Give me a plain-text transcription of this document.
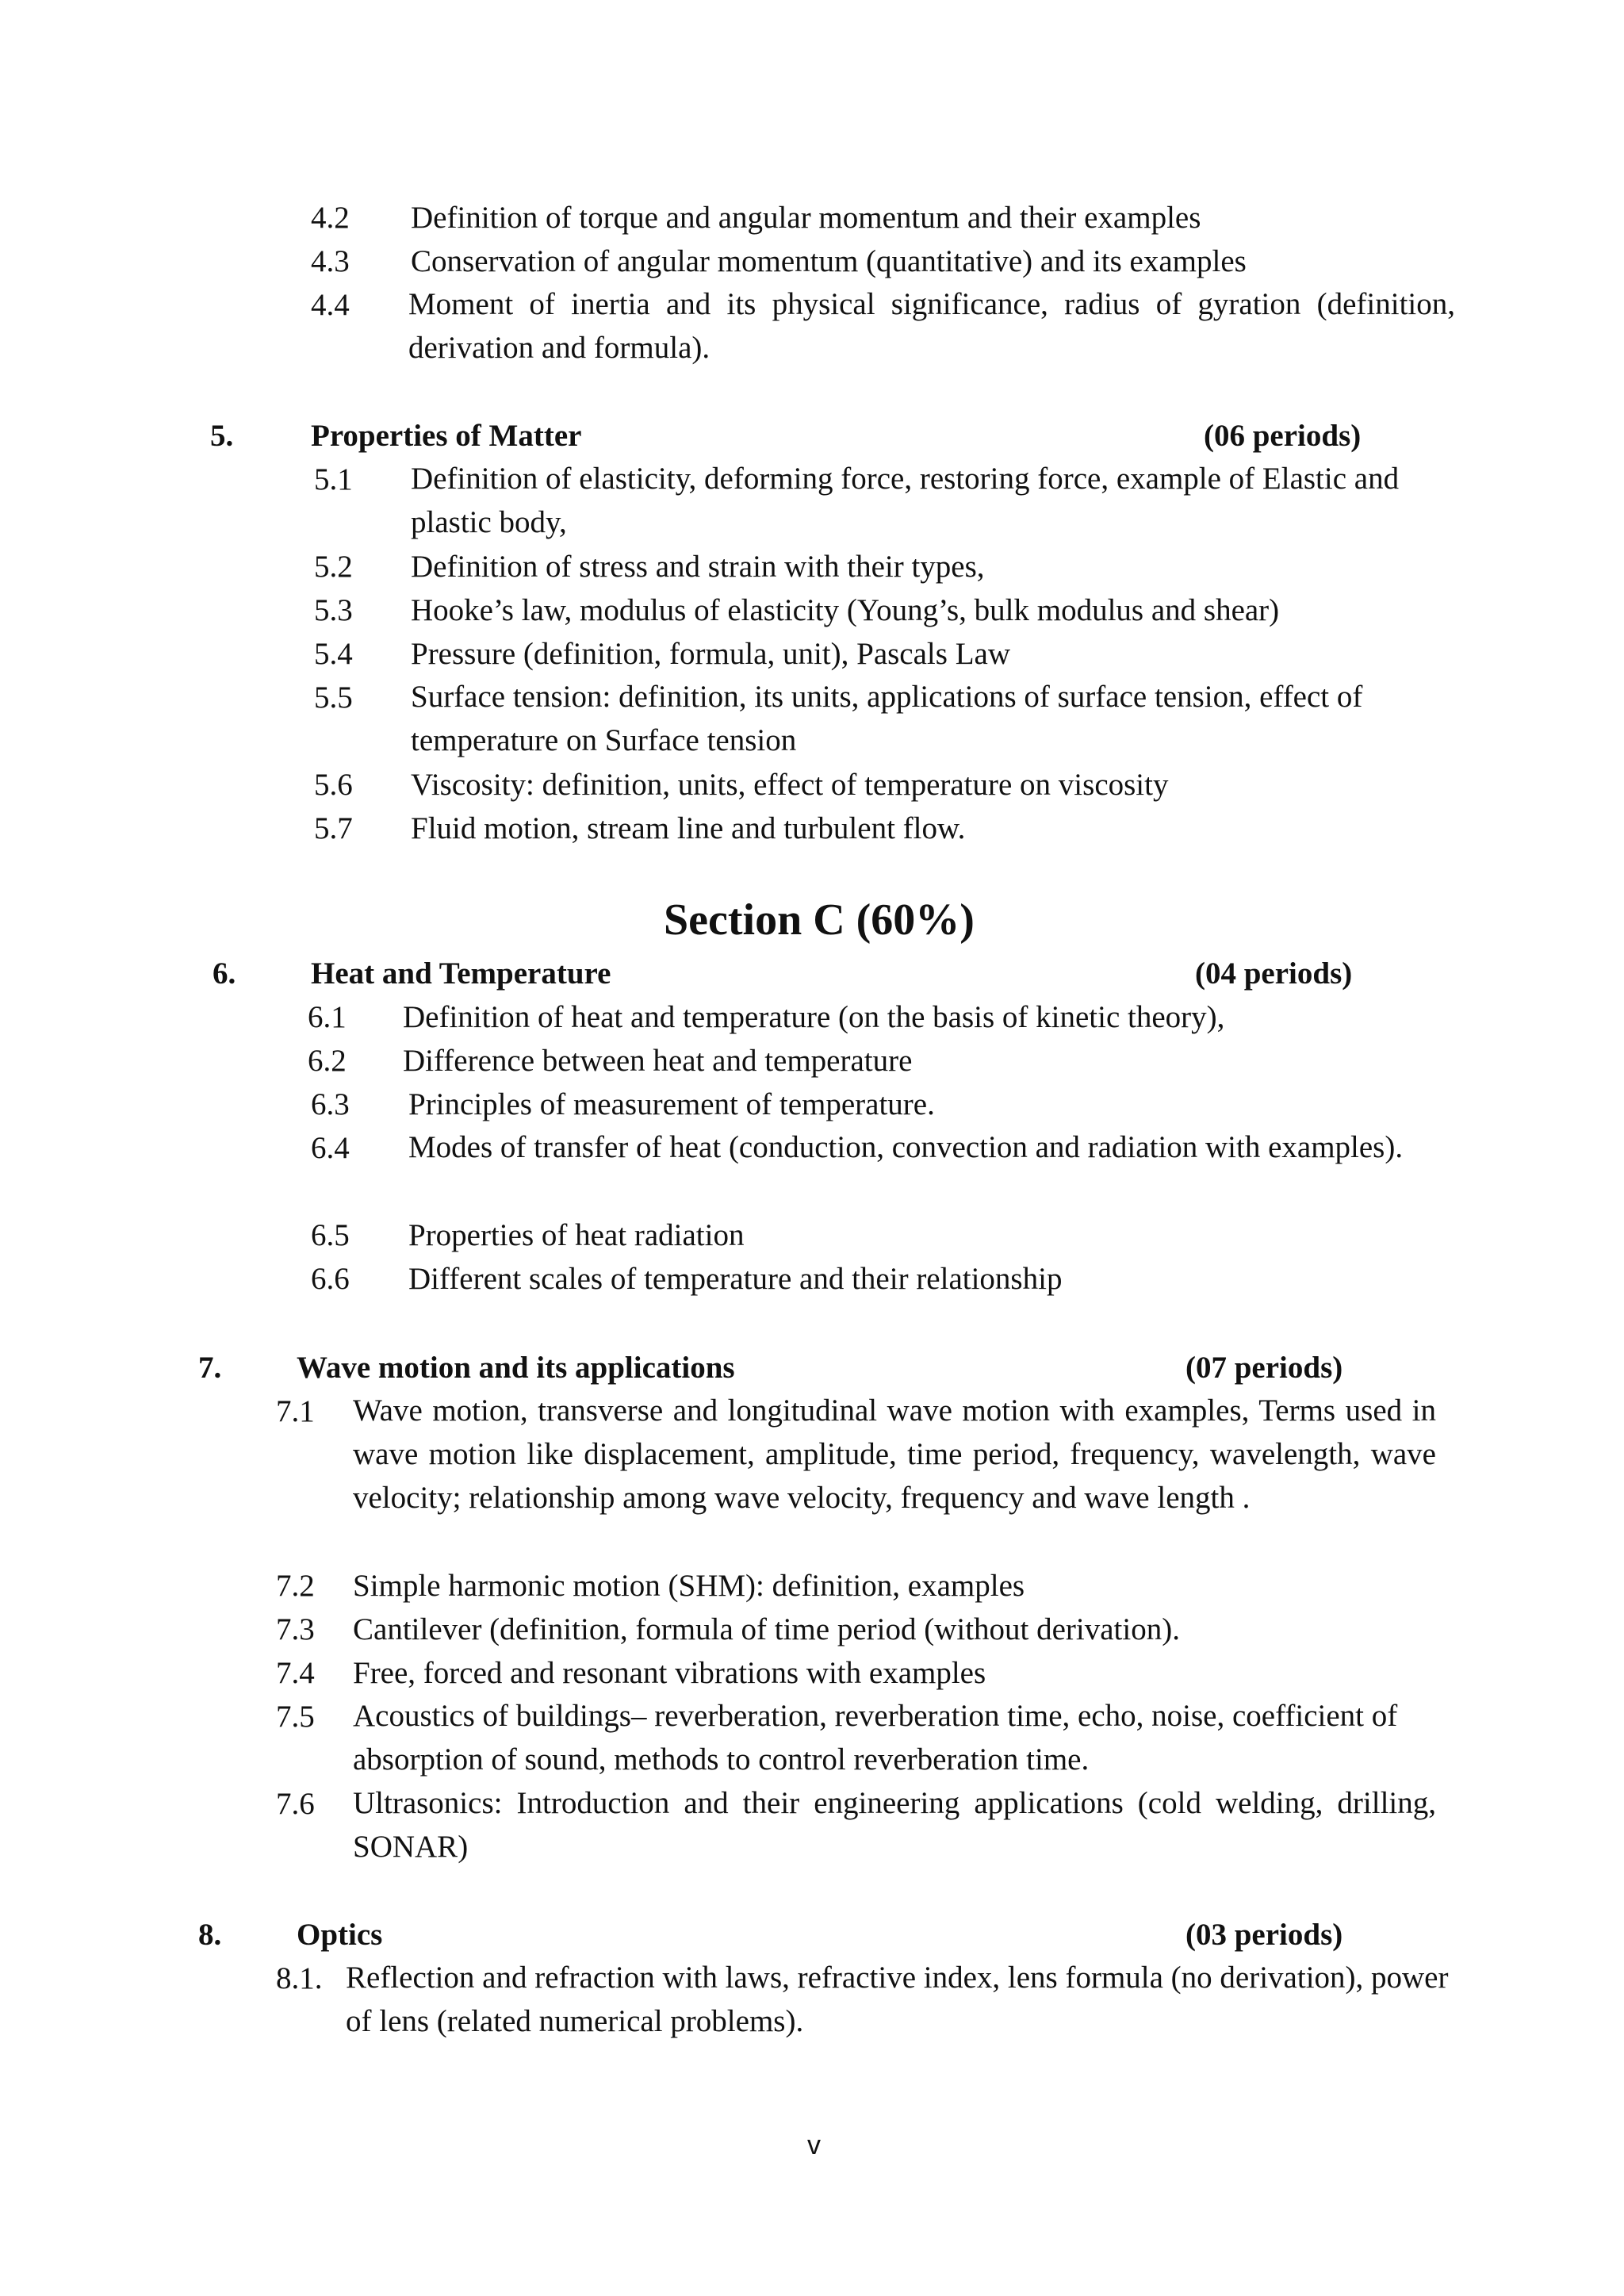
4.2 Definition of torque and angular momentum and their examples
4.3 Conservation of angular momentum (quantitative) and its examples
4.4 Moment of inertia and its physical significance, radius of gyration (definition, derivation and formula).
5.	Properties of Matter	(06 periods)
5.1 Definition of elasticity, deforming force, restoring force, example of Elastic and plastic body,
5.2 Definition of stress and strain with their types,
5.3 Hooke’s law, modulus of elasticity (Young’s, bulk modulus and shear)
5.4 Pressure (definition, formula, unit), Pascals Law
5.5 Surface tension: definition, its units, applications of surface tension, effect of temperature on Surface tension
5.6 Viscosity: definition, units, effect of temperature on viscosity
5.7 Fluid motion, stream line and turbulent flow.
Section C (60%)
6. Heat and Temperature	(04 periods)
6.1 Definition of heat and temperature (on the basis of kinetic theory),
6.2 Difference between heat and temperature
6.3 Principles of measurement of temperature.
6.4 Modes of transfer of heat (conduction, convection and radiation with examples).
6.5 Properties of heat radiation
6.6 Different scales of temperature and their relationship
7. Wave motion and its applications	(07 periods)
7.1 Wave motion, transverse and longitudinal wave motion with examples, Terms used in wave motion like displacement, amplitude, time period, frequency, wavelength, wave velocity; relationship among wave velocity, frequency and wave length .
7.2 Simple harmonic motion (SHM): definition, examples
7.3 Cantilever (definition, formula of time period (without derivation).
7.4 Free, forced and resonant vibrations with examples
7.5 Acoustics of buildings– reverberation, reverberation time, echo, noise, coefficient of absorption of sound, methods to control reverberation time.
7.6 Ultrasonics: Introduction and their engineering applications (cold welding, drilling, SONAR)
8. Optics	(03 periods)
8.1. Reflection and refraction with laws, refractive index, lens formula (no derivation), power of lens (related numerical problems).
v
